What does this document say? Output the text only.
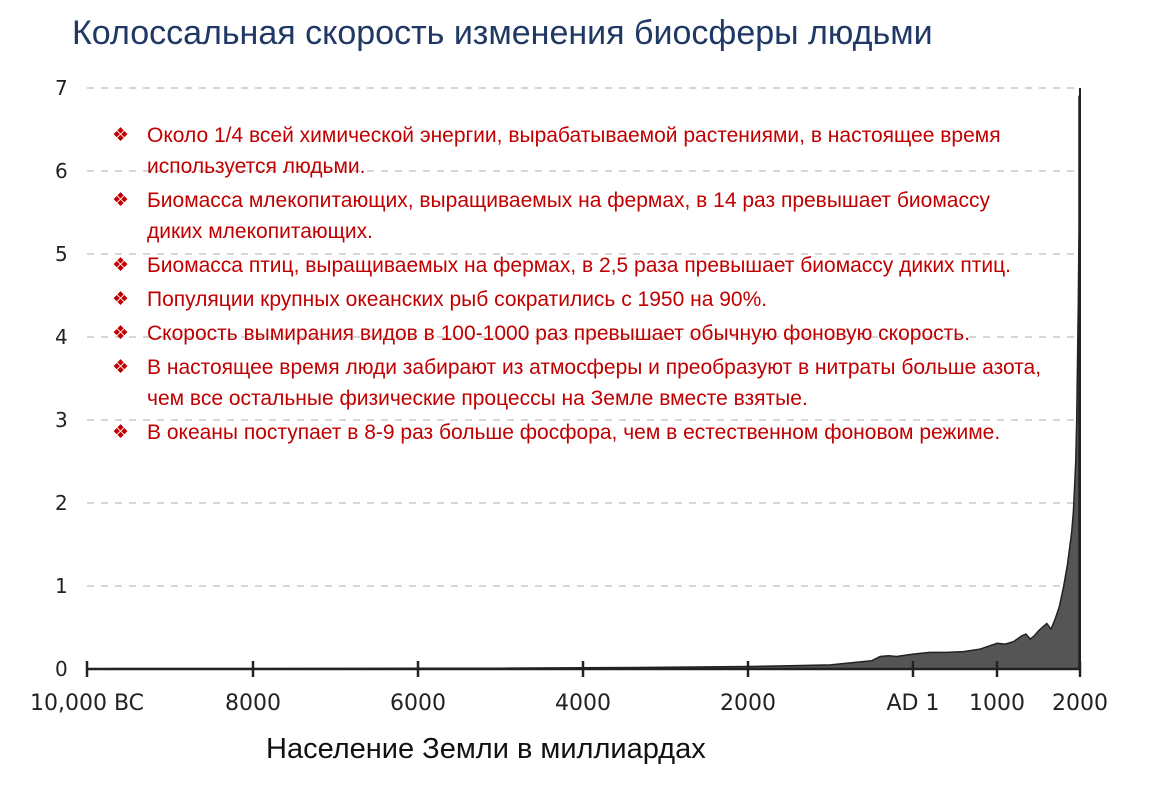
Колоссальная скорость изменения биосферы людьми
0
1
2
3
4
5
6
7
10,000 BC	8000	6000	4000	2000	AD 1 1000 2000
❖ Около 1/4 всей химической энергии, вырабатываемой растениями, в настоящее время используется людьми.
❖ Биомасса млекопитающих, выращиваемых на фермах, в 14 раз превышает биомассу диких млекопитающих.
❖ Биомасса птиц, выращиваемых на фермах, в 2,5 раза превышает биомассу диких птиц.
❖ Популяции крупных океанских рыб сократились с 1950 на 90%.
❖ Скорость вымирания видов в 100-1000 раз превышает обычную фоновую скорость.
❖ В настоящее время люди забирают из атмосферы и преобразуют в нитраты больше азота, чем все остальные физические процессы на Земле вместе взятые.
❖ В океаны поступает в 8-9 раз больше фосфора, чем в естественном фоновом режиме.
Население Земли в миллиардах
